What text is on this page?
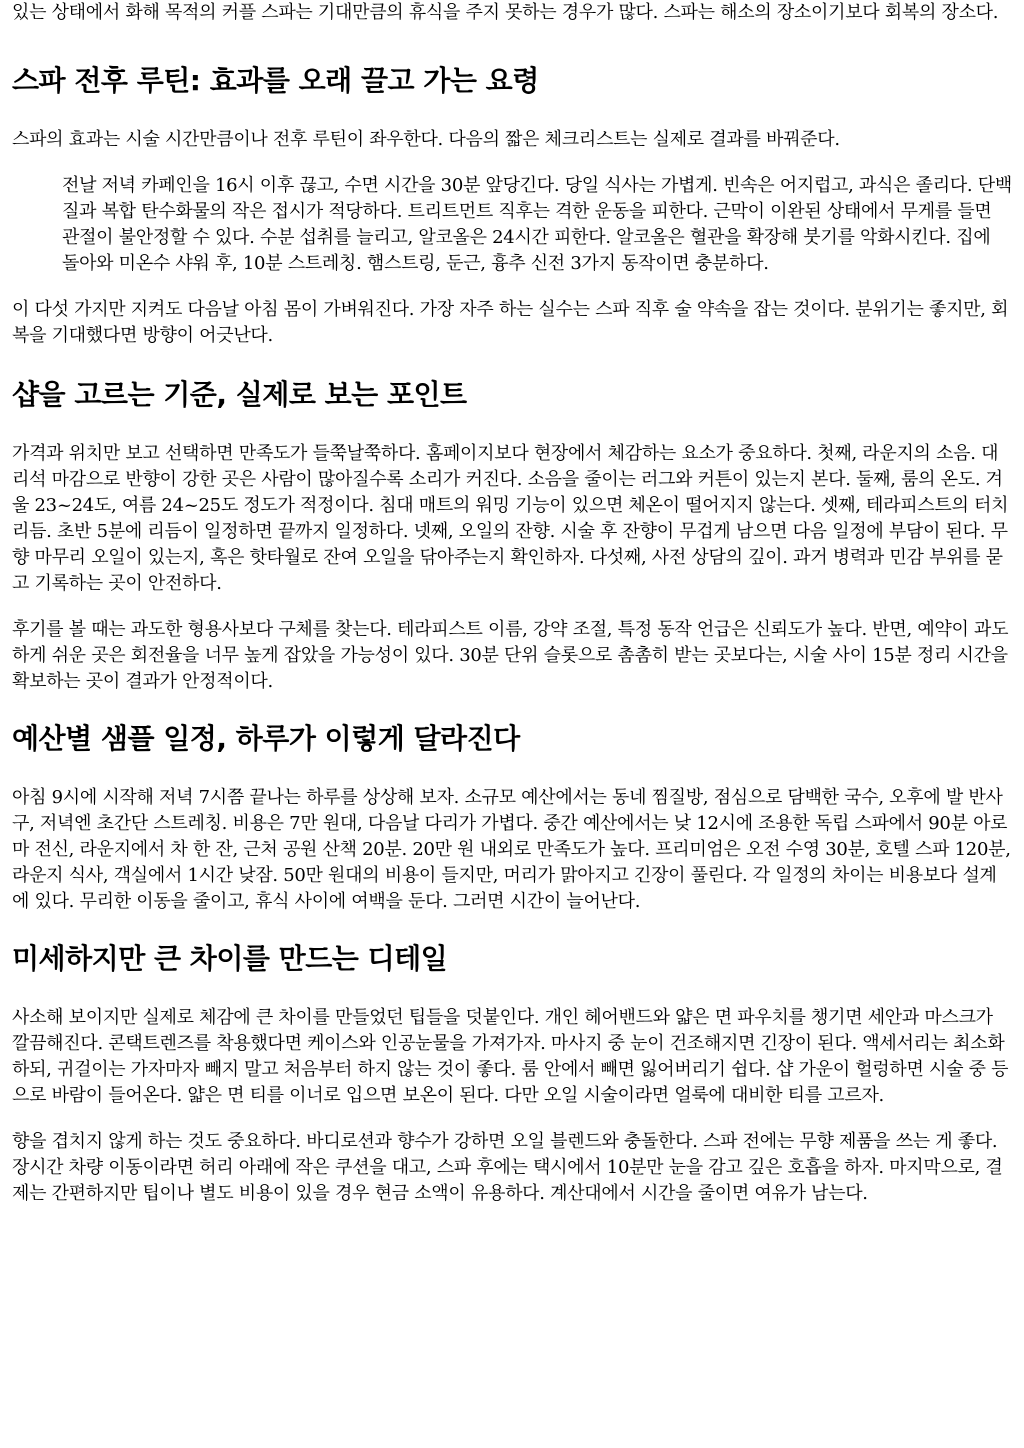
있는 상태에서 화해 목적의 커플 스파는 기대만큼의 휴식을 주지 못하는 경우가 많다. 스파는 해소의 장소이기보다 회복의 장소다.

스파 전후 루틴: 효과를 오래 끌고 가는 요령

스파의 효과는 시술 시간만큼이나 전후 루틴이 좌우한다. 다음의 짧은 체크리스트는 실제로 결과를 바꿔준다.

전날 저녁 카페인을 16시 이후 끊고, 수면 시간을 30분 앞당긴다. 당일 식사는 가볍게. 빈속은 어지럽고, 과식은 졸리다. 단백질과 복합 탄수화물의 작은 접시가 적당하다. 트리트먼트 직후는 격한 운동을 피한다. 근막이 이완된 상태에서 무게를 들면 관절이 불안정할 수 있다. 수분 섭취를 늘리고, 알코올은 24시간 피한다. 알코올은 혈관을 확장해 붓기를 악화시킨다. 집에 돌아와 미온수 샤워 후, 10분 스트레칭. 햄스트링, 둔근, 흉추 신전 3가지 동작이면 충분하다.

이 다섯 가지만 지켜도 다음날 아침 몸이 가벼워진다. 가장 자주 하는 실수는 스파 직후 술 약속을 잡는 것이다. 분위기는 좋지만, 회복을 기대했다면 방향이 어긋난다.

샵을 고르는 기준, 실제로 보는 포인트

가격과 위치만 보고 선택하면 만족도가 들쭉날쭉하다. 홈페이지보다 현장에서 체감하는 요소가 중요하다. 첫째, 라운지의 소음. 대리석 마감으로 반향이 강한 곳은 사람이 많아질수록 소리가 커진다. 소음을 줄이는 러그와 커튼이 있는지 본다. 둘째, 룸의 온도. 겨울 23~24도, 여름 24~25도 정도가 적정이다. 침대 매트의 워밍 기능이 있으면 체온이 떨어지지 않는다. 셋째, 테라피스트의 터치 리듬. 초반 5분에 리듬이 일정하면 끝까지 일정하다. 넷째, 오일의 잔향. 시술 후 잔향이 무겁게 남으면 다음 일정에 부담이 된다. 무향 마무리 오일이 있는지, 혹은 핫타월로 잔여 오일을 닦아주는지 확인하자. 다섯째, 사전 상담의 깊이. 과거 병력과 민감 부위를 묻고 기록하는 곳이 안전하다.

후기를 볼 때는 과도한 형용사보다 구체를 찾는다. 테라피스트 이름, 강약 조절, 특정 동작 언급은 신뢰도가 높다. 반면, 예약이 과도하게 쉬운 곳은 회전율을 너무 높게 잡았을 가능성이 있다. 30분 단위 슬롯으로 촘촘히 받는 곳보다는, 시술 사이 15분 정리 시간을 확보하는 곳이 결과가 안정적이다.

예산별 샘플 일정, 하루가 이렇게 달라진다

아침 9시에 시작해 저녁 7시쯤 끝나는 하루를 상상해 보자. 소규모 예산에서는 동네 찜질방, 점심으로 담백한 국수, 오후에 발 반사구, 저녁엔 초간단 스트레칭. 비용은 7만 원대, 다음날 다리가 가볍다. 중간 예산에서는 낮 12시에 조용한 독립 스파에서 90분 아로마 전신, 라운지에서 차 한 잔, 근처 공원 산책 20분. 20만 원 내외로 만족도가 높다. 프리미엄은 오전 수영 30분, 호텔 스파 120분, 라운지 식사, 객실에서 1시간 낮잠. 50만 원대의 비용이 들지만, 머리가 맑아지고 긴장이 풀린다. 각 일정의 차이는 비용보다 설계에 있다. 무리한 이동을 줄이고, 휴식 사이에 여백을 둔다. 그러면 시간이 늘어난다.

미세하지만 큰 차이를 만드는 디테일

사소해 보이지만 실제로 체감에 큰 차이를 만들었던 팁들을 덧붙인다. 개인 헤어밴드와 얇은 면 파우치를 챙기면 세안과 마스크가 깔끔해진다. 콘택트렌즈를 착용했다면 케이스와 인공눈물을 가져가자. 마사지 중 눈이 건조해지면 긴장이 된다. 액세서리는 최소화하되, 귀걸이는 가자마자 빼지 말고 처음부터 하지 않는 것이 좋다. 룸 안에서 빼면 잃어버리기 쉽다. 샵 가운이 헐렁하면 시술 중 등으로 바람이 들어온다. 얇은 면 티를 이너로 입으면 보온이 된다. 다만 오일 시술이라면 얼룩에 대비한 티를 고르자.

향을 겹치지 않게 하는 것도 중요하다. 바디로션과 향수가 강하면 오일 블렌드와 충돌한다. 스파 전에는 무향 제품을 쓰는 게 좋다. 장시간 차량 이동이라면 허리 아래에 작은 쿠션을 대고, 스파 후에는 택시에서 10분만 눈을 감고 깊은 호흡을 하자. 마지막으로, 결제는 간편하지만 팁이나 별도 비용이 있을 경우 현금 소액이 유용하다. 계산대에서 시간을 줄이면 여유가 남는다.
